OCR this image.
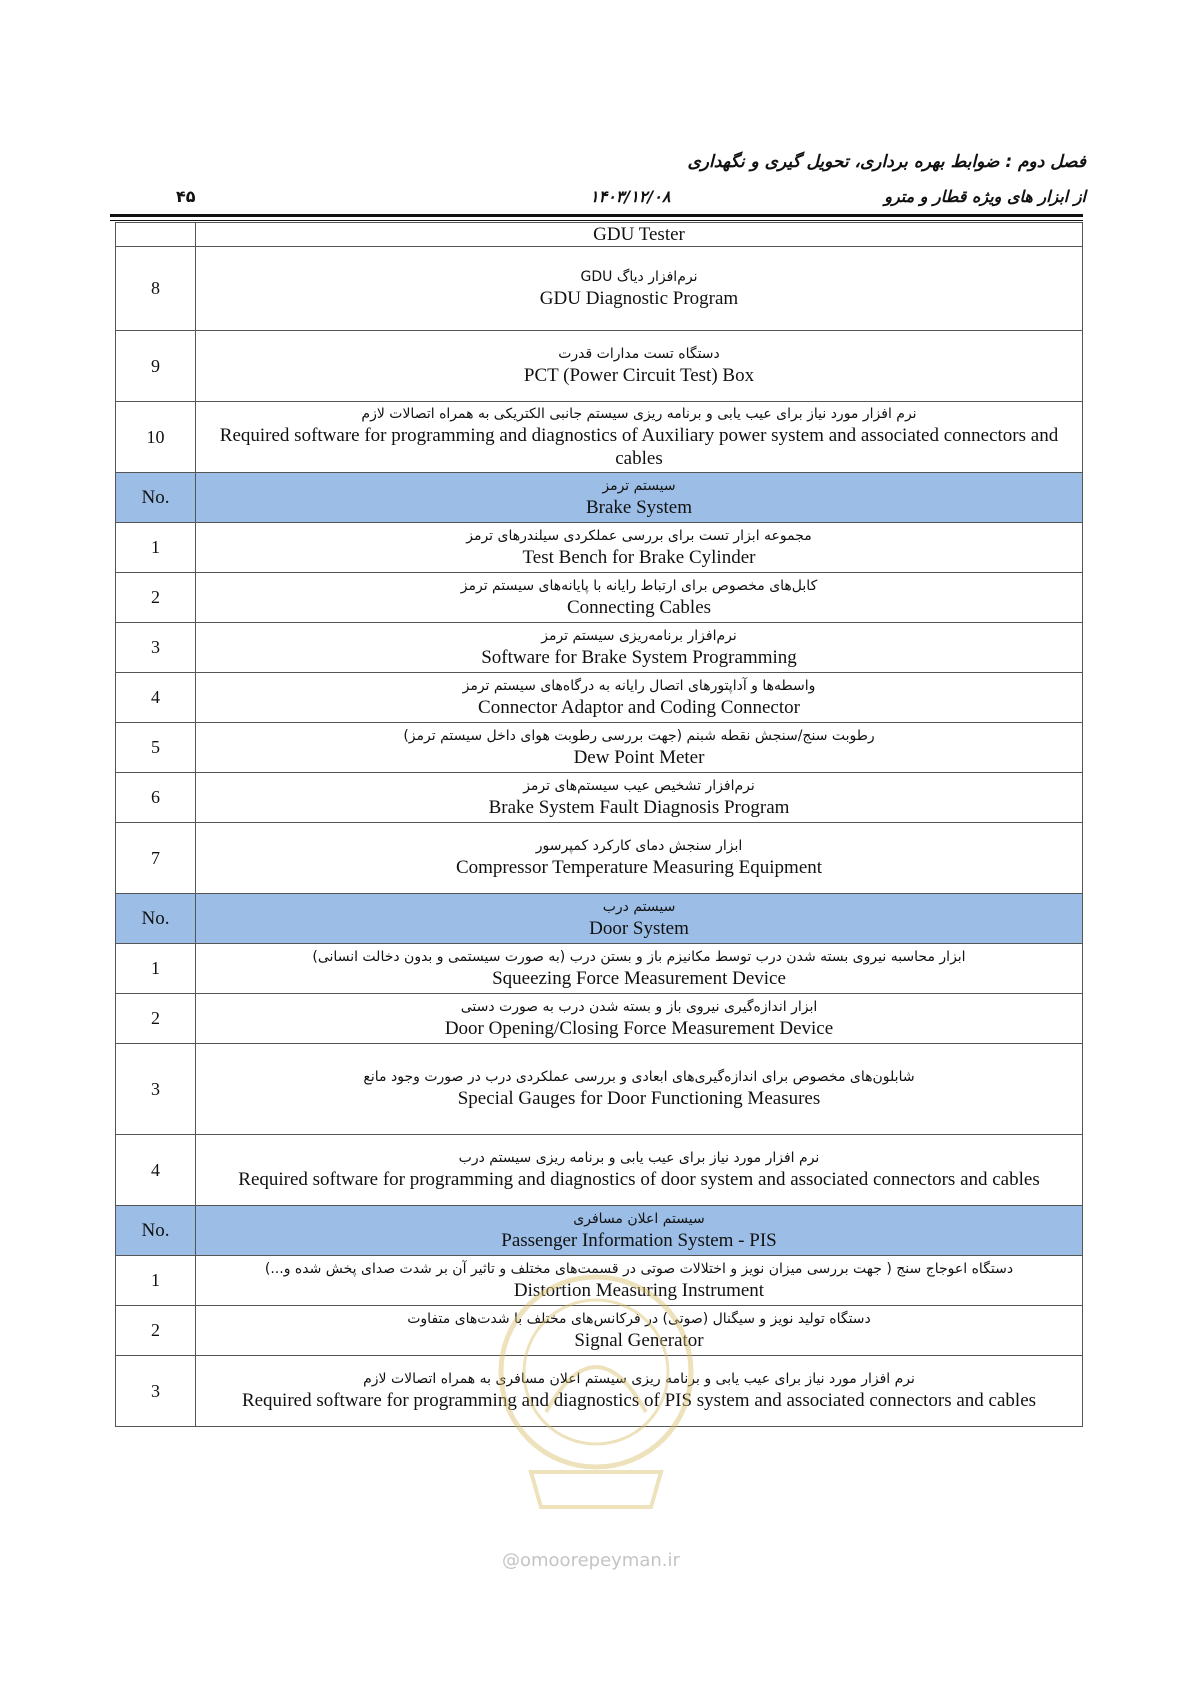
فصل دوم : ضوابط بهره برداری، تحویل گیری و نگهداری
از ابزار های ویژه قطار و مترو
۱۴۰۳/۱۲/۰۸
۴۵

	GDU Tester

8	نرم‌افزار دیاگ GDU
GDU Diagnostic Program

9	دستگاه تست مدارات قدرت
PCT (Power Circuit Test) Box

10	نرم افزار مورد نیاز برای عیب یابی و برنامه ریزی سیستم جانبی الکتریکی به همراه اتصالات لازم
Required software for programming and diagnostics of Auxiliary power system and associated connectors and cables

No.	سیستم ترمز
Brake System

1	مجموعه ابزار تست برای بررسی عملکردی سیلندرهای ترمز
Test Bench for Brake Cylinder

2	کابل‌های مخصوص برای ارتباط رایانه با پایانه‌های سیستم ترمز
Connecting Cables

3	نرم‌افزار برنامه‌ریزی سیستم ترمز
Software for Brake System Programming

4	واسطه‌ها و آداپتورهای اتصال رایانه به درگاه‌های سیستم ترمز
Connector Adaptor and Coding Connector

5	رطوبت سنج/سنجش نقطه شبنم (جهت بررسی رطوبت هوای داخل سیستم ترمز)
Dew Point Meter

6	نرم‌افزار تشخیص عیب سیستم‌های ترمز
Brake System Fault Diagnosis Program

7	ابزار سنجش دمای کارکرد کمپرسور
Compressor Temperature Measuring Equipment

No.	سیستم درب
Door System

1	ابزار محاسبه نیروی بسته شدن درب توسط مکانیزم باز و بستن درب (به صورت سیستمی و بدون دخالت انسانی)
Squeezing Force Measurement Device

2	ابزار اندازه‌گیری نیروی باز و بسته شدن درب به صورت دستی
Door Opening/Closing Force Measurement Device

3	شابلون‌های مخصوص برای اندازه‌گیری‌های ابعادی و بررسی عملکردی درب در صورت وجود مانع
Special Gauges for Door Functioning Measures

4	نرم افزار مورد نیاز برای عیب یابی و برنامه ریزی سیستم درب
Required software for programming and diagnostics of door system and associated connectors and cables

No.	سیستم اعلان مسافری
Passenger Information System - PIS

1	دستگاه اعوجاج سنج ( جهت بررسی میزان نویز و اختلالات صوتی در قسمت‌های مختلف و تاثیر آن بر شدت صدای پخش شده و...)
Distortion Measuring Instrument

2	دستگاه تولید نویز و سیگنال (صوتی) در فرکانس‌های مختلف با شدت‌های متفاوت
Signal Generator

3	نرم افزار مورد نیاز برای عیب یابی و برنامه ریزی سیستم اعلان مسافری به همراه اتصالات لازم
Required software for programming and diagnostics of PIS system and associated connectors and cables
@omoorepeyman.ir
